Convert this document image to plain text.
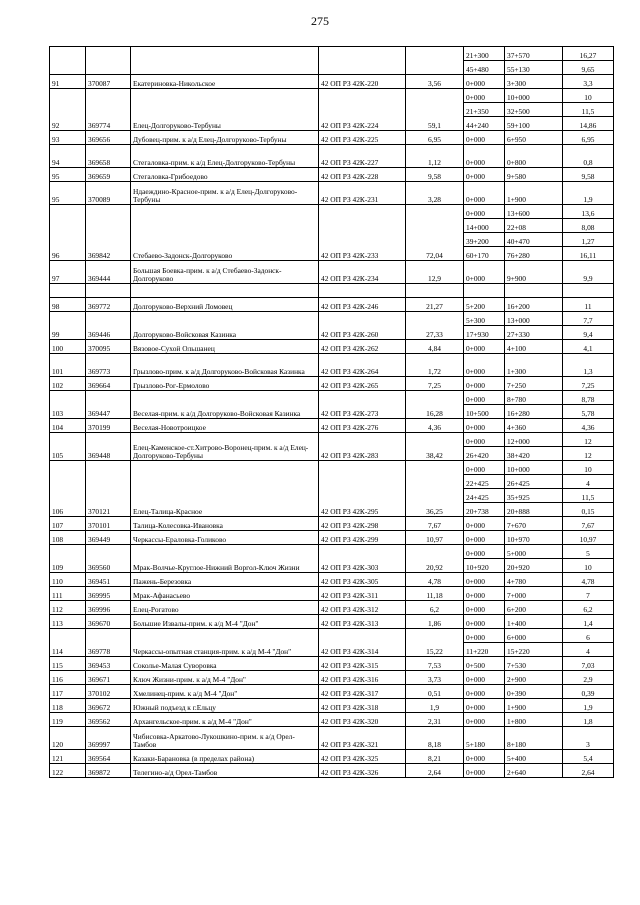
275
					21+300	37+570	16,27
					45+480	55+130	9,65
91	370087	Екатериновка-Никольское	42 ОП РЗ 42К-220	3,56	0+000	3+300	3,3
92	369774	Елец-Долгоруково-Тербуны	42 ОП РЗ 42К-224	59,1	0+000	10+000	10
					21+350	32+500	11,5
					44+240	59+100	14,86
93	369656	Дубовец-прим. к а/д Елец-Долгоруково-Тербуны	42 ОП РЗ 42К-225	6,95	0+000	6+950	6,95
94	369658	Стегаловка-прим. к а/д Елец-Долгоруково-Тербуны	42 ОП РЗ 42К-227	1,12	0+000	0+800	0,8
95	369659	Стегаловка-Грибоедово	42 ОП РЗ 42К-228	9,58	0+000	9+580	9,58
95	370089	Ндаеждино-Красное-прим. к а/д Елец-Долгоруково-Тербуны	42 ОП РЗ 42К-231	3,28	0+000	1+900	1,9
96	369842	Стебаево-Задонск-Долгоруково	42 ОП РЗ 42К-233	72,04	0+000	13+600	13,6
					14+000	22+08	8,08
					39+200	40+470	1,27
					60+170	76+280	16,11
97	369444	Большая Боевка-прим. к а/д Стебаево-Задонск-Долгоруково	42 ОП РЗ 42К-234	12,9	0+000	9+900	9,9

98	369772	Долгоруково-Верхний Ломовец	42 ОП РЗ 42К-246	21,27	5+200	16+200	11
99	369446	Долгоруково-Войсковая Казинка	42 ОП РЗ 42К-260	27,33	5+300	13+000	7,7
					17+930	27+330	9,4
100	370095	Вязовое-Сухой Ольшанец	42 ОП РЗ 42К-262	4,84	0+000	4+100	4,1
101	369773	Грызлово-прим. к а/д Долгоруково-Войсковая Казинка	42 ОП РЗ 42К-264	1,72	0+000	1+300	1,3
102	369664	Грызлово-Рог-Ермолово	42 ОП РЗ 42К-265	7,25	0+000	7+250	7,25
103	369447	Веселая-прим. к а/д Долгоруково-Войсковая Казинка	42 ОП РЗ 42К-273	16,28	0+000	8+780	8,78
					10+500	16+280	5,78
104	370199	Веселая-Новотроицкое	42 ОП РЗ 42К-276	4,36	0+000	4+360	4,36
105	369448	Елец-Каменское-ст.Хитрово-Воронец-прим. к а/д Елец-Долгоруково-Тербуны	42 ОП РЗ 42К-283	38,42	0+000	12+000	12
					26+420	38+420	12
106	370121	Елец-Талица-Красное	42 ОП РЗ 42К-295	36,25	0+000	10+000	10
					22+425	26+425	4
					24+425	35+925	11,5
					20+738	20+888	0,15
107	370101	Талица-Колесовка-Ивановка	42 ОП РЗ 42К-298	7,67	0+000	7+670	7,67
108	369449	Черкассы-Ераловка-Голиково	42 ОП РЗ 42К-299	10,97	0+000	10+970	10,97
109	369560	Мрак-Волчье-Круглое-Нижний Воргол-Ключ Жизни	42 ОП РЗ 42К-303	20,92	0+000	5+000	5
					10+920	20+920	10
110	369451	Пажень-Березовка	42 ОП РЗ 42К-305	4,78	0+000	4+780	4,78
111	369995	Мрак-Афанасьево	42 ОП РЗ 42К-311	11,18	0+000	7+000	7
112	369996	Елец-Рогатово	42 ОП РЗ 42К-312	6,2	0+000	6+200	6,2
113	369670	Большие Извалы-прим. к а/д М-4 "Дон"	42 ОП РЗ 42К-313	1,86	0+000	1+400	1,4
114	369778	Черкассы-опытная станция-прим. к а/д М-4 "Дон"	42 ОП РЗ 42К-314	15,22	0+000	6+000	6
					11+220	15+220	4
115	369453	Соколье-Малая Суворовка	42 ОП РЗ 42К-315	7,53	0+500	7+530	7,03
116	369671	Ключ Жизни-прим. к а/д М-4 "Дон"	42 ОП РЗ 42К-316	3,73	0+000	2+900	2,9
117	370102	Хмелинец-прим. к а/д М-4 "Дон"	42 ОП РЗ 42К-317	0,51	0+000	0+390	0,39
118	369672	Южный подъезд к г.Ельцу	42 ОП РЗ 42К-318	1,9	0+000	1+900	1,9
119	369562	Архангельское-прим. к а/д М-4 "Дон"	42 ОП РЗ 42К-320	2,31	0+000	1+800	1,8
120	369997	Чибисовка-Аркатово-Лукошкино-прим. к а/д Орел-Тамбов	42 ОП РЗ 42К-321	8,18	5+180	8+180	3
121	369564	Казаки-Барановка (в пределах района)	42 ОП РЗ 42К-325	8,21	0+000	5+400	5,4
122	369872	Телегино-а/д Орел-Тамбов	42 ОП РЗ 42К-326	2,64	0+000	2+640	2,64
